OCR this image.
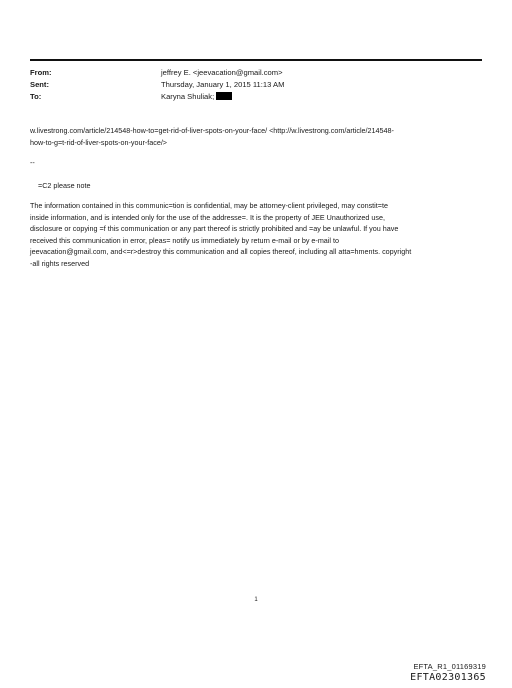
From:	jeffrey E. <jeevacation@gmail.com>
Sent:	Thursday, January 1, 2015 11:13 AM
To:	Karyna Shuliak;
w.livestrong.com/article/214548-how-to=get-rid-of-liver-spots-on-your-face/ <http://w.livestrong.com/article/214548-
how-to-g=t-rid-of-liver-spots-on-your-face/>
--
=C2 please note
The information contained in this communic=tion is confidential, may be attorney-client privileged, may constit=te
inside information, and is intended only for the use of the addresse=. It is the property of JEE Unauthorized use,
disclosure or copying =f this communication or any part thereof is strictly prohibited and =ay be unlawful. If you have
received this communication in error, pleas= notify us immediately by return e-mail or by e-mail to
jeevacation@gmail.com, and<=r>destroy this communication and all copies thereof, including all atta=hments. copyright
-all rights reserved
1
EFTA_R1_01169319
EFTA02301365
